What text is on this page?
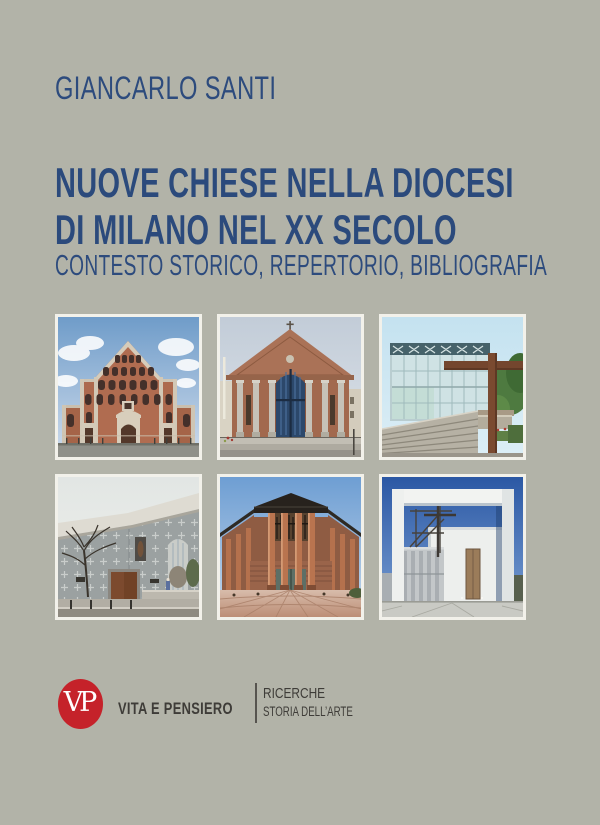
GIANCARLO SANTI
NUOVE CHIESE NELLA DIOCESI
DI MILANO NEL XX SECOLO
CONTESTO STORICO, REPERTORIO, BIBLIOGRAFIA
VP	VITA E PENSIERO
RICERCHE
STORIA DELL’ARTE
